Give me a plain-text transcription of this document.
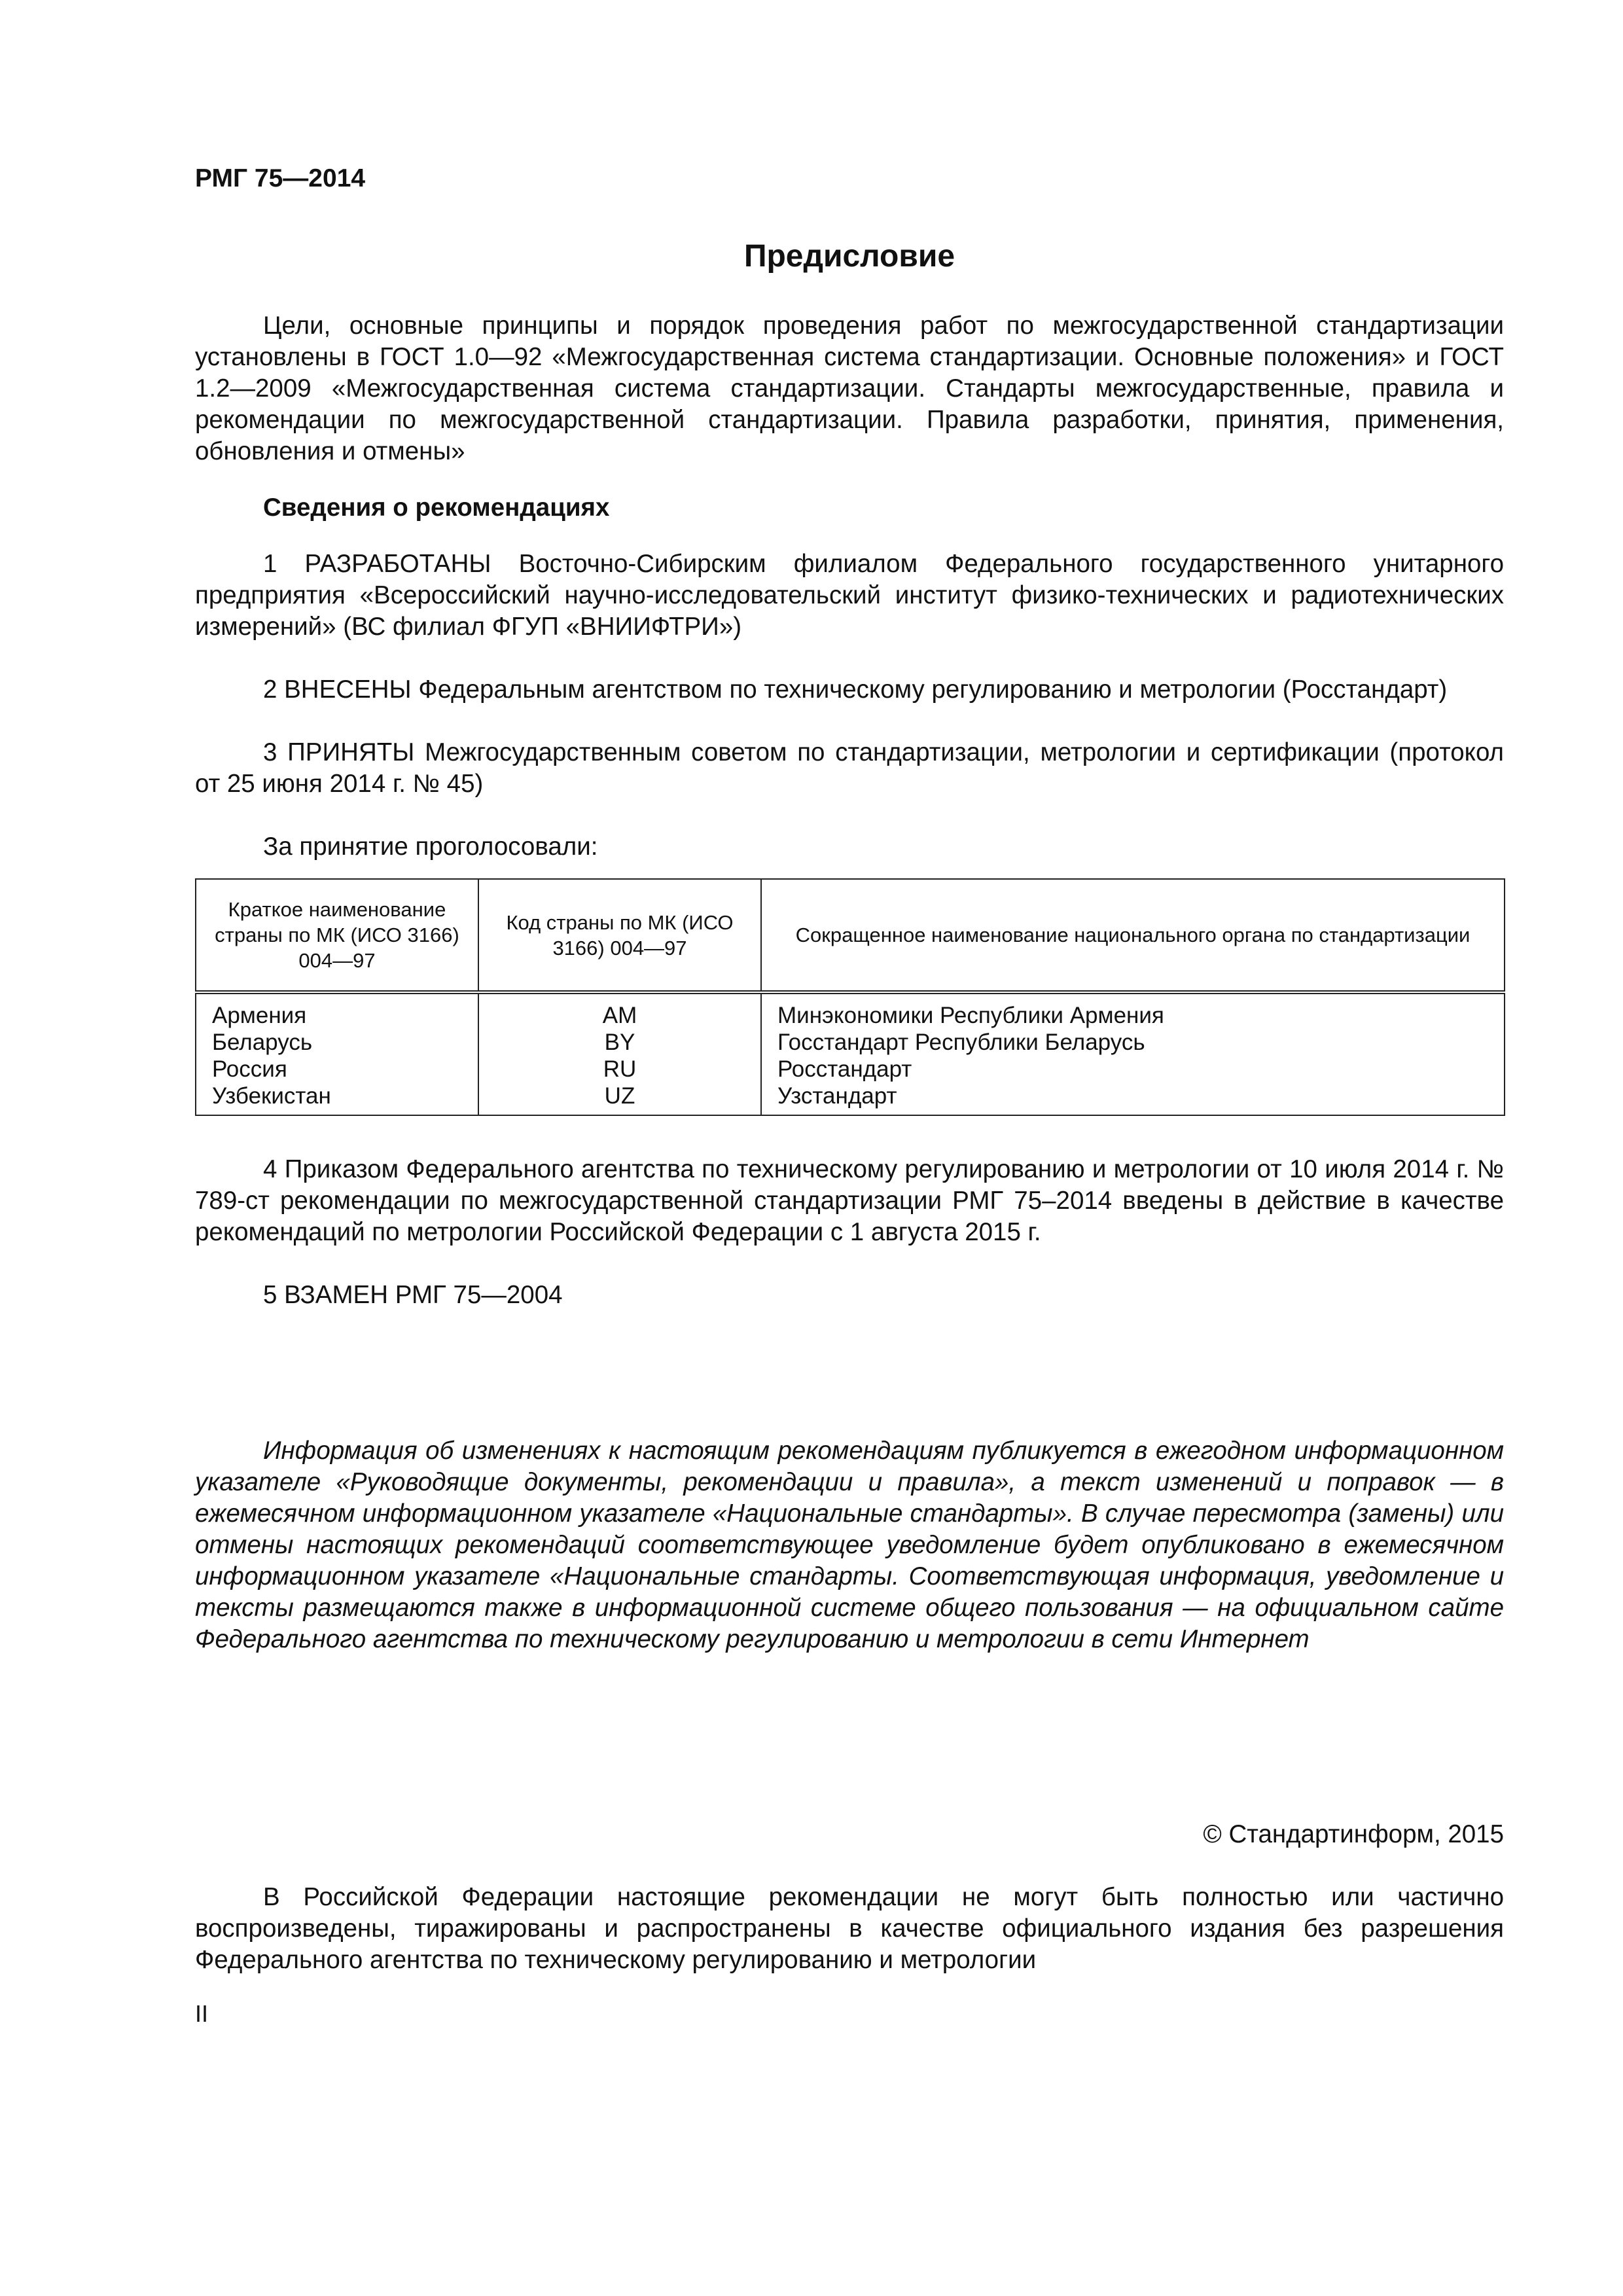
РМГ 75—2014
Предисловие

Цели, основные принципы и порядок проведения работ по межгосударственной стандартизации установлены в ГОСТ 1.0—92 «Межгосударственная система стандартизации. Основные положения» и ГОСТ 1.2—2009 «Межгосударственная система стандартизации. Стандарты межгосударственные, правила и рекомендации по межгосударственной стандартизации. Правила разработки, принятия, применения, обновления и отмены»

Сведения о рекомендациях

1 РАЗРАБОТАНЫ Восточно-Сибирским филиалом Федерального государственного унитарного предприятия «Всероссийский научно-исследовательский институт физико-технических и радиотехнических измерений» (ВС филиал ФГУП «ВНИИФТРИ»)

2 ВНЕСЕНЫ Федеральным агентством по техническому регулированию и метрологии (Росстандарт)

3 ПРИНЯТЫ Межгосударственным советом по стандартизации, метрологии и сертификации (протокол от 25 июня 2014 г. № 45)

За принятие проголосовали:

Краткое наименование страны по МК (ИСО 3166) 004—97	Код страны по МК (ИСО 3166) 004—97	Сокращенное наименование национального органа по стандартизации
Армения	AM	Минэкономики Республики Армения
Беларусь	BY	Госстандарт Республики Беларусь
Россия	RU	Росстандарт
Узбекистан	UZ	Узстандарт

4 Приказом Федерального агентства по техническому регулированию и метрологии от 10 июля 2014 г. № 789-ст рекомендации по межгосударственной стандартизации РМГ 75–2014 введены в действие в качестве рекомендаций по метрологии Российской Федерации с 1 августа 2015 г.

5 ВЗАМЕН РМГ 75—2004

Информация об изменениях к настоящим рекомендациям публикуется в ежегодном информационном указателе «Руководящие документы, рекомендации и правила», а текст изменений и поправок — в ежемесячном информационном указателе «Национальные стандарты». В случае пересмотра (замены) или отмены настоящих рекомендаций соответствующее уведомление будет опубликовано в ежемесячном информационном указателе «Национальные стандарты. Соответствующая информация, уведомление и тексты размещаются также в информационной системе общего пользования — на официальном сайте Федерального агентства по техническому регулированию и метрологии в сети Интернет

© Стандартинформ, 2015

В Российской Федерации настоящие рекомендации не могут быть полностью или частично воспроизведены, тиражированы и распространены в качестве официального издания без разрешения Федерального агентства по техническому регулированию и метрологии

II
